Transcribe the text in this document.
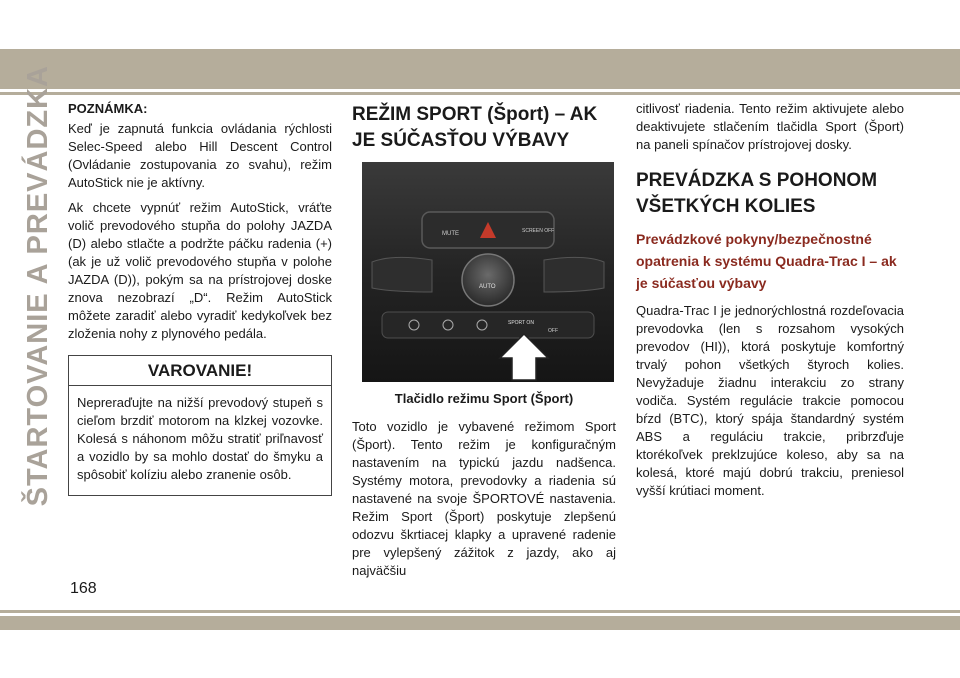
ŠTARTOVANIE A PREVÁDZKA POZNÁMKA:

Keď je zapnutá funkcia ovládania rýchlosti Selec-Speed alebo Hill Descent Control (Ovládanie zostupovania zo svahu), režim AutoStick nie je aktívny.

Ak chcete vypnúť režim AutoStick, vráťte volič prevodového stupňa do polohy JAZDA (D) alebo stlačte a podržte páčku radenia (+) (ak je už volič prevodového stupňa v polohe JAZDA (D)), pokým sa na prístrojovej doske znova nezobrazí „D“. Režim AutoStick môžete zaradiť alebo vyradiť kedykoľvek bez zloženia nohy z plynového pedála.

VAROVANIE!

Nepreraďujte na nižší prevodový stupeň s cieľom brzdiť motorom na klzkej vozovke. Kolesá s náhonom môžu stratiť priľnavosť a vozidlo by sa mohlo dostať do šmyku a spôsobiť kolíziu alebo zranenie osôb.

REŽIM SPORT (Šport) – AK JE SÚČASŤOU VÝBAVY
MUTE	SCREEN OFF
AUTO
SPORT ON
OFF
Tlačidlo režimu Sport (Šport)

Toto vozidlo je vybavené režimom Sport (Šport). Tento režim je konfiguračným nastavením na typickú jazdu nadšenca. Systémy motora, prevodovky a riadenia sú nastavené na svoje ŠPORTOVÉ nastavenia. Režim Sport (Šport) poskytuje zlepšenú odozvu škrtiacej klapky a upravené radenie pre vylepšený zážitok z jazdy, ako aj najväčšiu

citlivosť riadenia. Tento režim aktivujete alebo deaktivujete stlačením tlačidla Sport (Šport) na paneli spínačov prístrojovej dosky.

PREVÁDZKA S POHONOM VŠETKÝCH KOLIES
Prevádzkové pokyny/bezpečnostné opatrenia k systému Quadra-Trac I – ak je súčasťou výbavy

Quadra-Trac I je jednorýchlostná rozdeľovacia prevodovka (len s rozsahom vysokých prevodov (HI)), ktorá poskytuje komfortný trvalý pohon všetkých štyroch kolies. Nevyžaduje žiadnu interakciu zo strany vodiča. Systém regulácie trakcie pomocou bŕzd (BTC), ktorý spája štandardný systém ABS a reguláciu trakcie, pribrzďuje ktorékoľvek preklzujúce koleso, aby sa na kolesá, ktoré majú dobrú trakciu, preniesol vyšší krútiaci moment.

168
